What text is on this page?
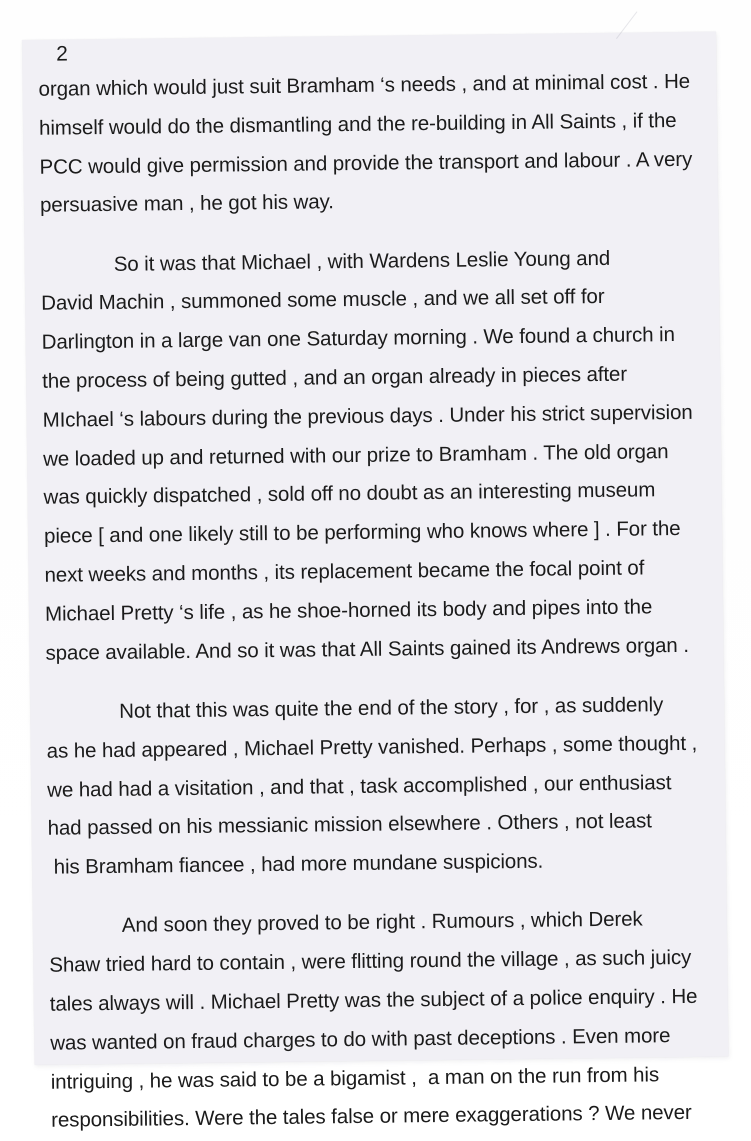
2

organ which would just suit Bramham ‘s needs , and at minimal cost . He
himself would do the dismantling and the re-building in All Saints , if the
PCC would give permission and provide the transport and labour . A very
persuasive man , he got his way.

So it was that Michael , with Wardens Leslie Young and
David Machin , summoned some muscle , and we all set off for
Darlington in a large van one Saturday morning . We found a church in
the process of being gutted , and an organ already in pieces after
MIchael ‘s labours during the previous days . Under his strict supervision
we loaded up and returned with our prize to Bramham . The old organ
was quickly dispatched , sold off no doubt as an interesting museum
piece [ and one likely still to be performing who knows where ] . For the
next weeks and months , its replacement became the focal point of
Michael Pretty ‘s life , as he shoe-horned its body and pipes into the
space available. And so it was that All Saints gained its Andrews organ .

Not that this was quite the end of the story , for , as suddenly
as he had appeared , Michael Pretty vanished. Perhaps , some thought ,
we had had a visitation , and that , task accomplished , our enthusiast
had passed on his messianic mission elsewhere . Others , not least
his Bramham fiancee , had more mundane suspicions.

And soon they proved to be right . Rumours , which Derek
Shaw tried hard to contain , were flitting round the village , as such juicy
tales always will . Michael Pretty was the subject of a police enquiry . He
was wanted on fraud charges to do with past deceptions . Even more
intriguing , he was said to be a bigamist ,  a man on the run from his
responsibilities. Were the tales false or mere exaggerations ? We never
